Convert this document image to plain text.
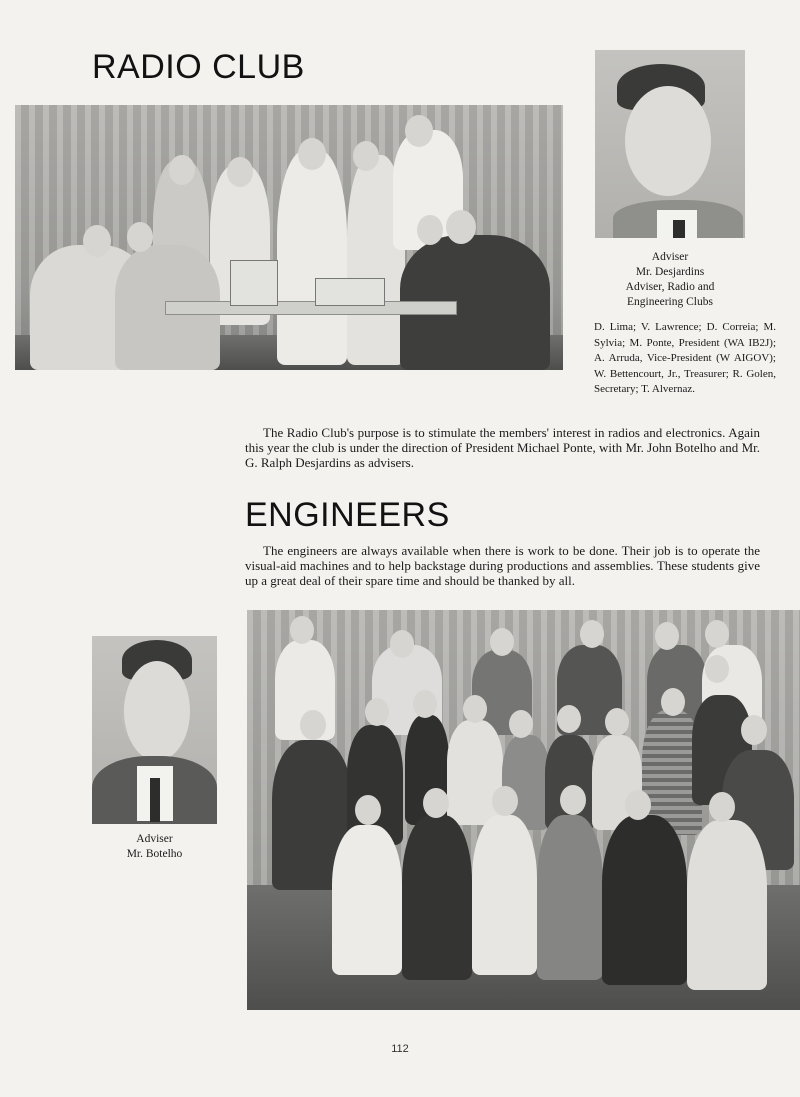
RADIO CLUB
Adviser
Mr. Desjardins
Adviser, Radio and
Engineering Clubs
D. Lima; V. Lawrence; D. Correia; M. Sylvia; M. Ponte, President (WA IB2J); A. Arruda, Vice-President (W AIGOV); W. Bettencourt, Jr., Treasurer; R. Golen, Secretary; T. Alvernaz.
The Radio Club's purpose is to stimulate the members' interest in radios and electronics. Again this year the club is under the direction of President Michael Ponte, with Mr. John Botelho and Mr. G. Ralph Desjardins as advisers.
ENGINEERS
The engineers are always available when there is work to be done. Their job is to operate the visual-aid machines and to help backstage during productions and assemblies. These students give up a great deal of their spare time and should be thanked by all.
Adviser
Mr. Botelho
112
